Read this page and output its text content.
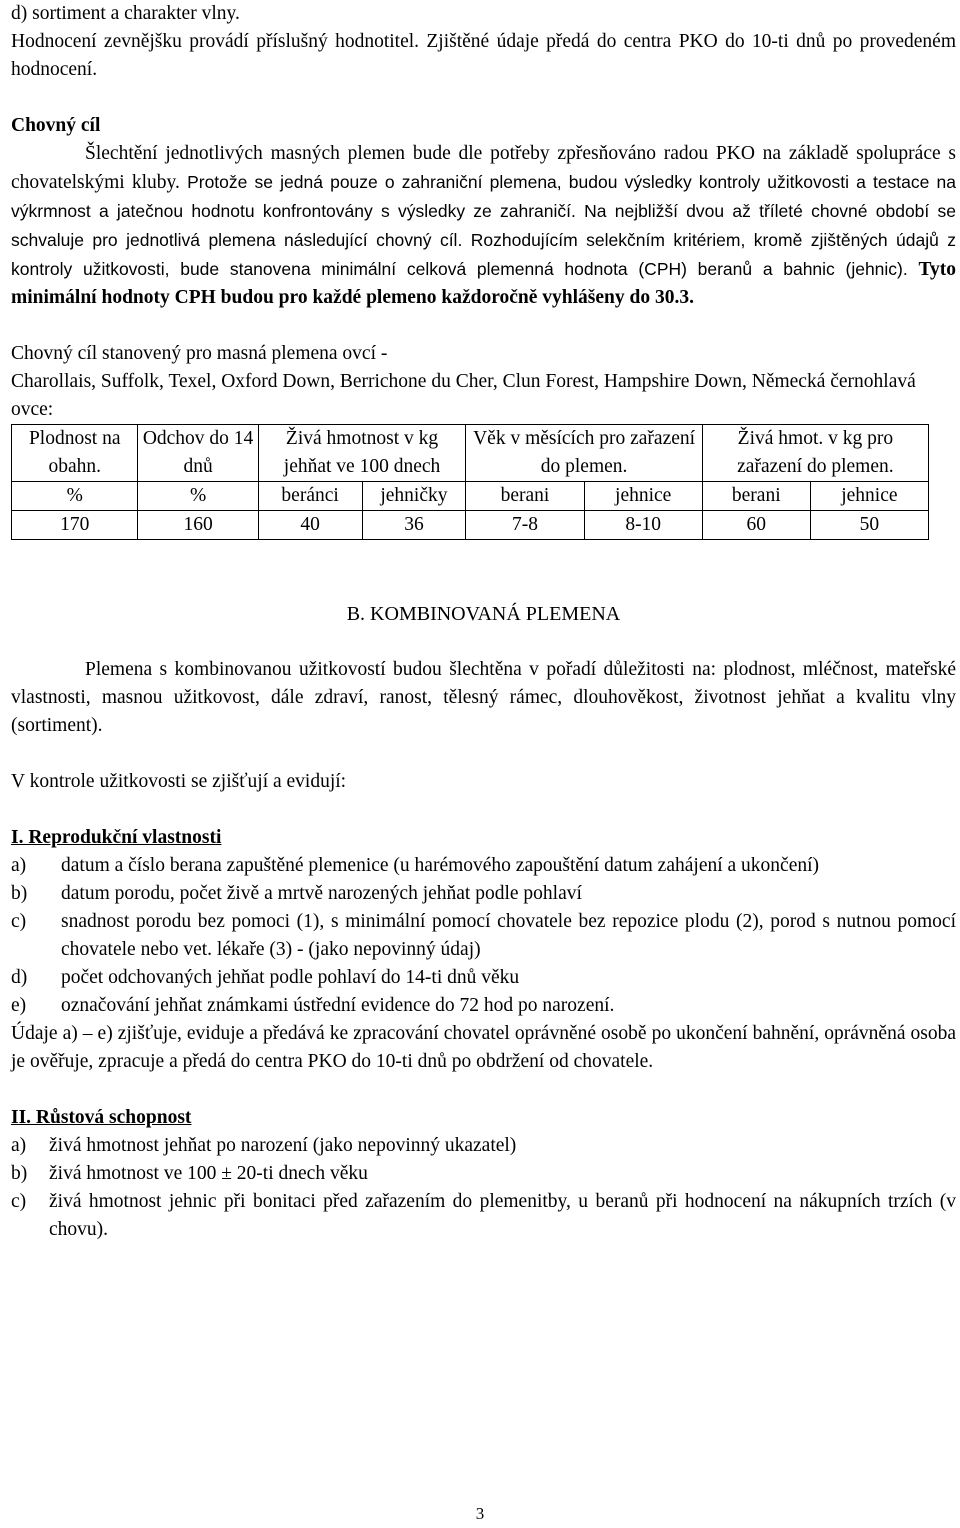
d) sortiment a charakter vlny.

Hodnocení zevnějšku provádí příslušný hodnotitel. Zjištěné údaje předá do centra PKO do 10-ti dnů po provedeném hodnocení.

Chovný cíl

Šlechtění jednotlivých masných plemen bude dle potřeby zpřesňováno radou PKO na základě spolupráce s chovatelskými kluby. Protože se jedná pouze o zahraniční plemena, budou výsledky kontroly užitkovosti a testace na výkrmnost a jatečnou hodnotu konfrontovány s výsledky ze zahraničí. Na nejbližší dvou až tříleté chovné období se schvaluje pro jednotlivá plemena následující chovný cíl. Rozhodujícím selekčním kritériem, kromě zjištěných údajů z kontroly užitkovosti, bude stanovena minimální celková plemenná hodnota (CPH) beranů a bahnic (jehnic). Tyto minimální hodnoty CPH budou pro každé plemeno každoročně vyhlášeny do 30.3.

Chovný cíl stanovený pro masná plemena ovcí -

Charollais, Suffolk, Texel, Oxford Down, Berrichone du Cher, Clun Forest, Hampshire Down, Německá černohlavá ovce:

Plodnost na obahn.	Odchov do 14 dnů	Živá hmotnost v kg jehňat ve 100 dnech		Věk v měsících pro zařazení do plemen.		Živá hmot. v kg pro zařazení do plemen.	
%	%	beránci	jehničky	berani	jehnice	berani	jehnice
170	160	40	36	7-8	8-10	60	50

B. KOMBINOVANÁ PLEMENA

Plemena s kombinovanou užitkovostí budou šlechtěna v pořadí důležitosti na: plodnost, mléčnost, mateřské vlastnosti, masnou užitkovost, dále zdraví, ranost, tělesný rámec, dlouhověkost, životnost jehňat a kvalitu vlny (sortiment).

V kontrole užitkovosti se zjišťují a evidují:

I. Reprodukční vlastnosti

a) datum a číslo berana zapuštěné plemenice (u harémového zapouštění datum zahájení a ukončení)
b) datum porodu, počet živě a mrtvě narozených jehňat podle pohlaví
c) snadnost porodu bez pomoci (1), s minimální pomocí chovatele bez repozice plodu (2), porod s nutnou pomocí chovatele nebo vet. lékaře (3) - (jako nepovinný údaj)
d) počet odchovaných jehňat podle pohlaví do 14-ti dnů věku
e) označování jehňat známkami ústřední evidence do 72 hod po narození.

Údaje a) – e) zjišťuje, eviduje a předává ke zpracování chovatel oprávněné osobě po ukončení bahnění, oprávněná osoba je ověřuje, zpracuje a předá do centra PKO do 10-ti dnů po obdržení od chovatele.

II. Růstová schopnost

a) živá hmotnost jehňat po narození (jako nepovinný ukazatel)
b) živá hmotnost ve 100 ± 20-ti dnech věku
c) živá hmotnost jehnic při bonitaci před zařazením do plemenitby, u beranů při hodnocení na nákupních trzích (v chovu).
3
